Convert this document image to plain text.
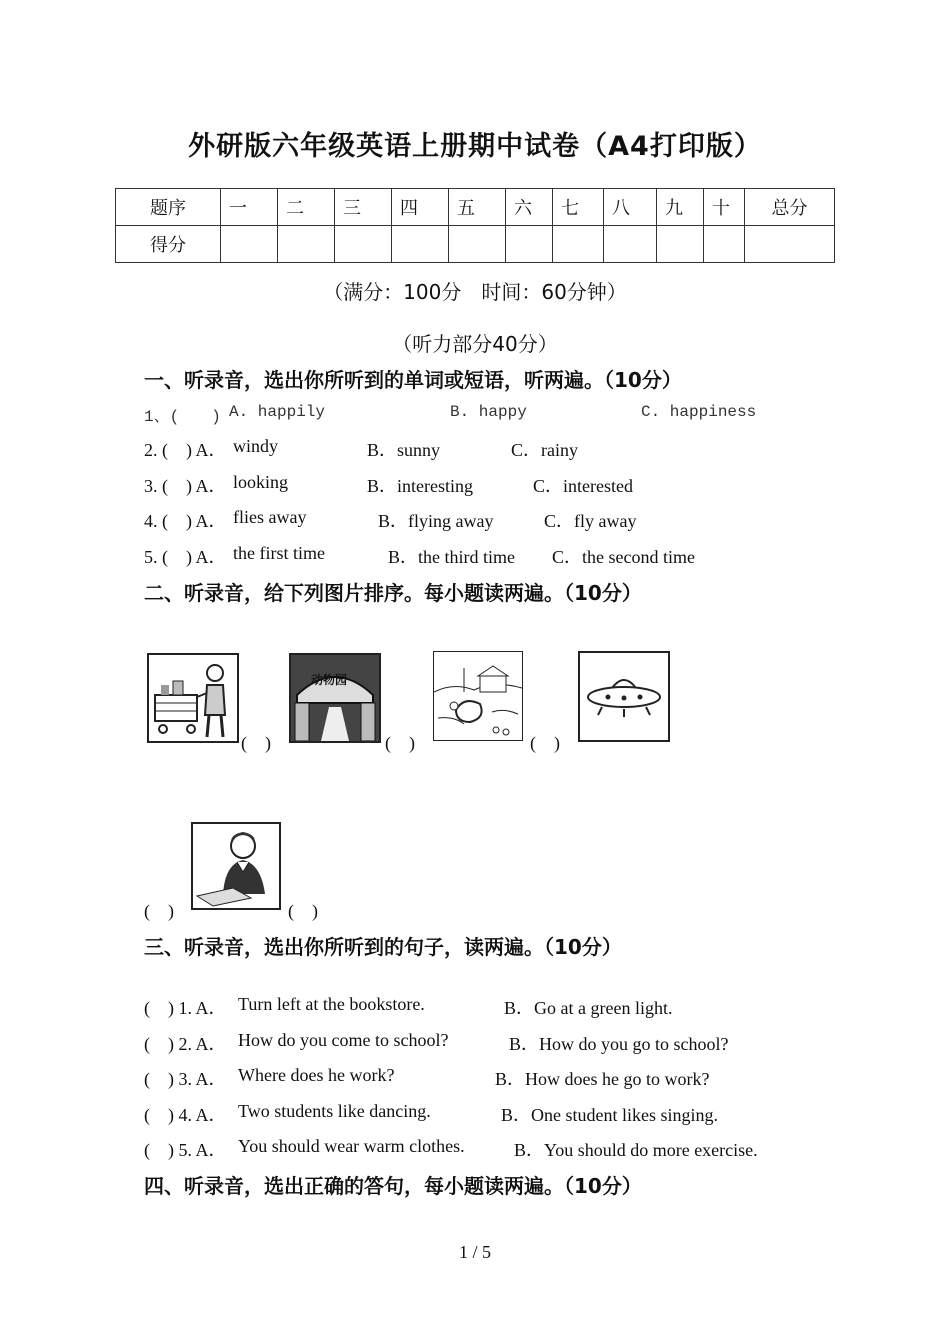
外研版六年级英语上册期中试卷（A4打印版）
题序	一	二	三	四	五	六	七	八	九	十	总分
得分											
（满分：100分　时间：60分钟）
（听力部分40分）
一、听录音，选出你所听到的单词或短语，听两遍。（10分）
1、(　　) A. happily	B. happy	C. happiness
2. (　) A． windy	B．sunny	C．rainy
3. (　) A． looking	B．interesting	C．interested
4. (　) A． flies away	B．flying away	C．fly away
5. (　) A． the first time	B．the third time C．the second time
二、听录音，给下列图片排序。每小题读两遍。（10分）
(　)
动物园
(　)	(　)
(　)	(　)
三、听录音，选出你所听到的句子，读两遍。（10分）
(　) 1. A． Turn left at the bookstore.	B．Go at a green light.
(　) 2. A． How do you come to school?	B．How do you go to school?
(　) 3. A． Where does he work?	B．How does he go to work?
(　) 4. A． Two students like dancing.	B．One student likes singing.
(　) 5. A． You should wear warm clothes.	B．You should do more exercise.
四、听录音，选出正确的答句，每小题读两遍。（10分）
1 / 5
